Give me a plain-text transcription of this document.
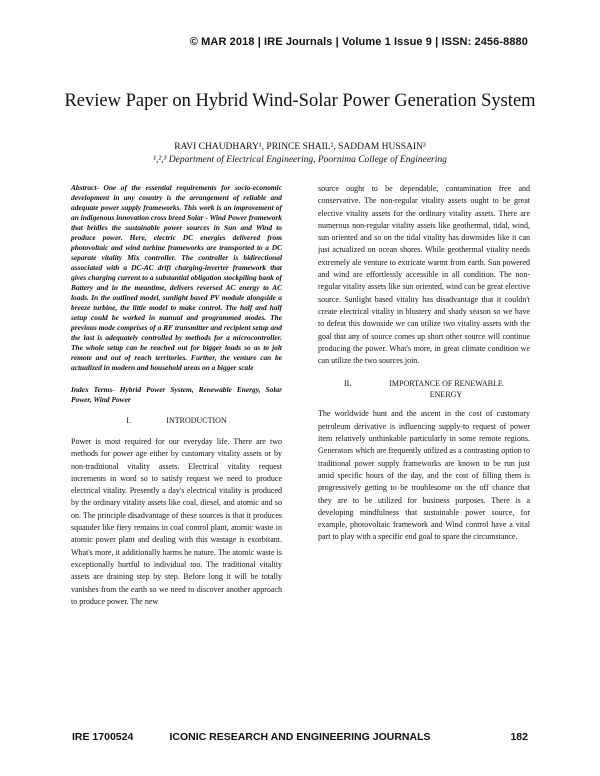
© MAR 2018 | IRE Journals | Volume 1 Issue 9 | ISSN: 2456-8880
Review Paper on Hybrid Wind-Solar Power Generation System
RAVI CHAUDHARY¹, PRINCE SHAIL², SADDAM HUSSAIN³
¹,²,³ Department of Electrical Engineering, Poornima College of Engineering

Abstract- One of the essential requirements for socio-economic development in any country is the arrangement of reliable and adequate power supply frameworks. This work is an improvement of an indigenous innovation cross breed Solar - Wind Power framework that bridles the sustainable power sources in Sun and Wind to produce power. Here, electric DC energies delivered from photovoltaic and wind turbine frameworks are transported to a DC separate vitality Mix controller. The controller is bidirectional associated with a DC-AC drift charging-inverter framework that gives charging current to a substantial obligation stockpiling bank of Battery and in the meantime, delivers reversed AC energy to AC loads. In the outlined model, sunlight based PV module alongside a breeze turbine, the little model to make control. The half and half setup could be worked in manual and programmed modes. The previous mode comprises of a RF transmitter and recipient setup and the last is adequately controlled by methods for a microcontroller. The whole setup can be reached out for bigger loads so as to jolt remote and out of reach territories. Further, the venture can be actualized in modern and household areas on a bigger scale

Index Terms- Hybrid Power System, Renewable Energy, Solar Power, Wind Power

I.	INTRODUCTION

Power is most required for our everyday life. There are two methods for power age either by customary vitality assets or by non-traditional vitality assets. Electrical vitality request increments in word so to satisfy request we need to produce electrical vitality. Presently a day's electrical vitality is produced by the ordinary vitality assets like coal, diesel, and atomic and so on. The principle disadvantage of these sources is that it produces squander like fiery remains in coal control plant, atomic waste in atomic power plant and dealing with this wastage is exorbitant. What's more, it additionally harms he nature. The atomic waste is exceptionally hurtful to individual too. The traditional vitality assets are draining step by step. Before long it will be totally vanishes from the earth so we need to discover another approach to produce power. The new

source ought to be dependable, contamination free and conservative. The non-regular vitality assets ought to be great elective vitality assets for the ordinary vitality assets. There are numerous non-regular vitality assets like geothermal, tidal, wind, sun oriented and so on the tidal vitality has downsides like it can just actualized on ocean shores. While geothermal vitality needs extremely ale venture to extricate warmt from earth. Sun powered and wind are effortlessly accessible in all condition. The non-regular vitality assets like sun oriented, wind can be great elective source. Sunlight based vitality has disadvantage that it couldn't create electrical vitality in blustery and shady season so we have to defeat this downside we can utilize two vitality assets with the goal that any of source comes up short other source will continue producing the power. What's more, in great climate condition we can utilize the two sources join.

II.	IMPORTANCE OF RENEWABLE ENERGY

The worldwide hunt and the ascent in the cost of customary petroleum derivative is influencing supply-to request of power item relatively unthinkable particularly in some remote regions. Generators which are frequently utilized as a contrasting option to traditional power supply frameworks are known to be run just amid specific hours of the day, and the cost of filling them is progressively getting to be troublesome on the off chance that they are to be utilized for business purposes. There is a developing mindfulness that sustainable power source, for example, photovoltaic framework and Wind control have a vital part to play with a specific end goal to spare the circumstance.

IRE 1700524	ICONIC RESEARCH AND ENGINEERING JOURNALS	182
